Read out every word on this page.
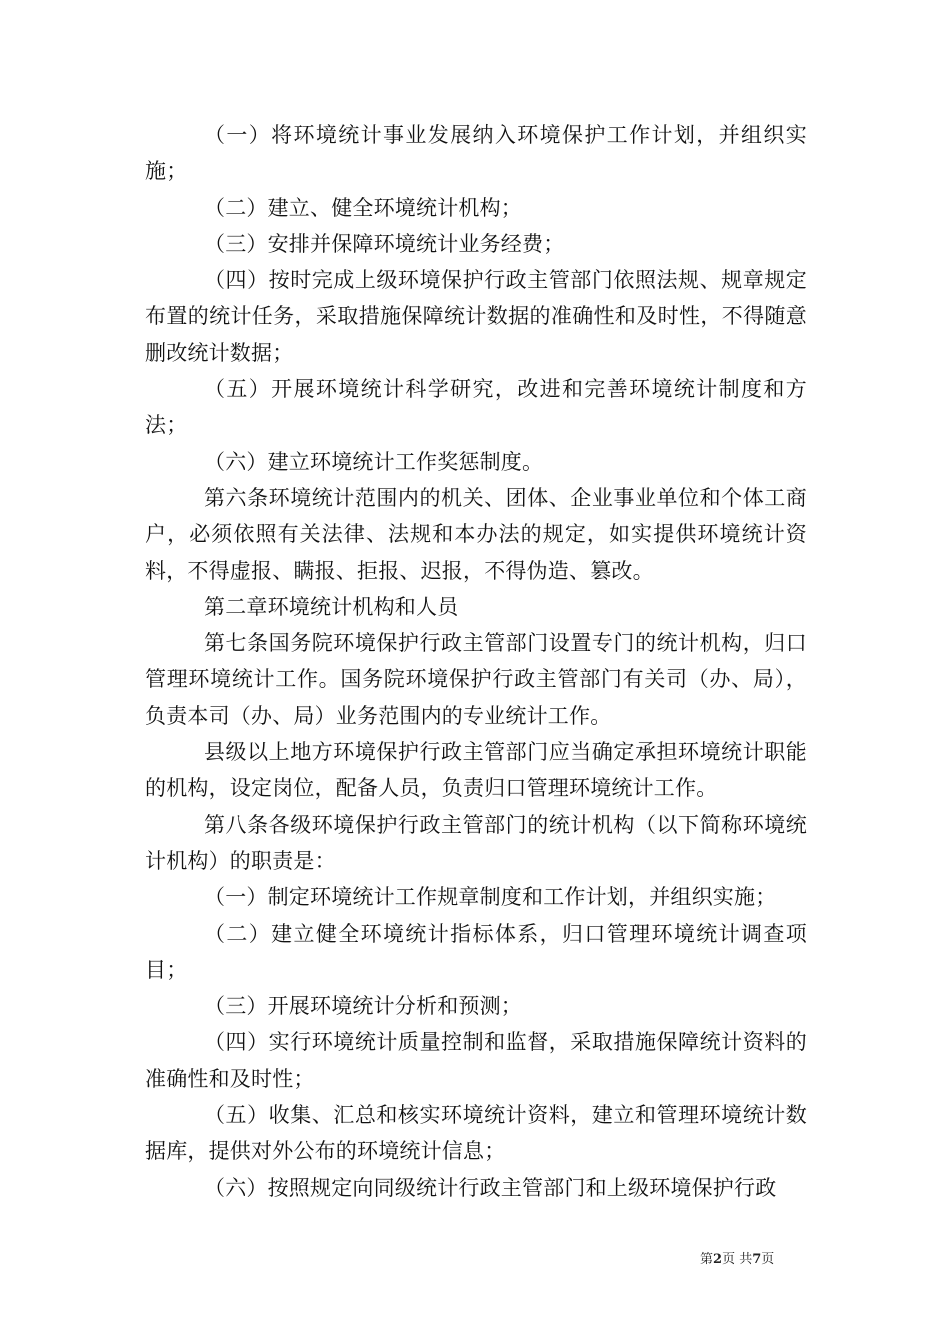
（一）将环境统计事业发展纳入环境保护工作计划，并组织实施；

（二）建立、健全环境统计机构；

（三）安排并保障环境统计业务经费；

（四）按时完成上级环境保护行政主管部门依照法规、规章规定布置的统计任务，采取措施保障统计数据的准确性和及时性，不得随意删改统计数据；

（五）开展环境统计科学研究，改进和完善环境统计制度和方法；

（六）建立环境统计工作奖惩制度。

第六条环境统计范围内的机关、团体、企业事业单位和个体工商户，必须依照有关法律、法规和本办法的规定，如实提供环境统计资料，不得虚报、瞒报、拒报、迟报，不得伪造、篡改。

第二章环境统计机构和人员

第七条国务院环境保护行政主管部门设置专门的统计机构，归口管理环境统计工作。国务院环境保护行政主管部门有关司（办、局），负责本司（办、局）业务范围内的专业统计工作。

县级以上地方环境保护行政主管部门应当确定承担环境统计职能的机构，设定岗位，配备人员，负责归口管理环境统计工作。

第八条各级环境保护行政主管部门的统计机构（以下简称环境统计机构）的职责是：

（一）制定环境统计工作规章制度和工作计划，并组织实施；

（二）建立健全环境统计指标体系，归口管理环境统计调查项目；

（三）开展环境统计分析和预测；

（四）实行环境统计质量控制和监督，采取措施保障统计资料的准确性和及时性；

（五）收集、汇总和核实环境统计资料，建立和管理环境统计数据库，提供对外公布的环境统计信息；

（六）按照规定向同级统计行政主管部门和上级环境保护行政

第2页 共7页
